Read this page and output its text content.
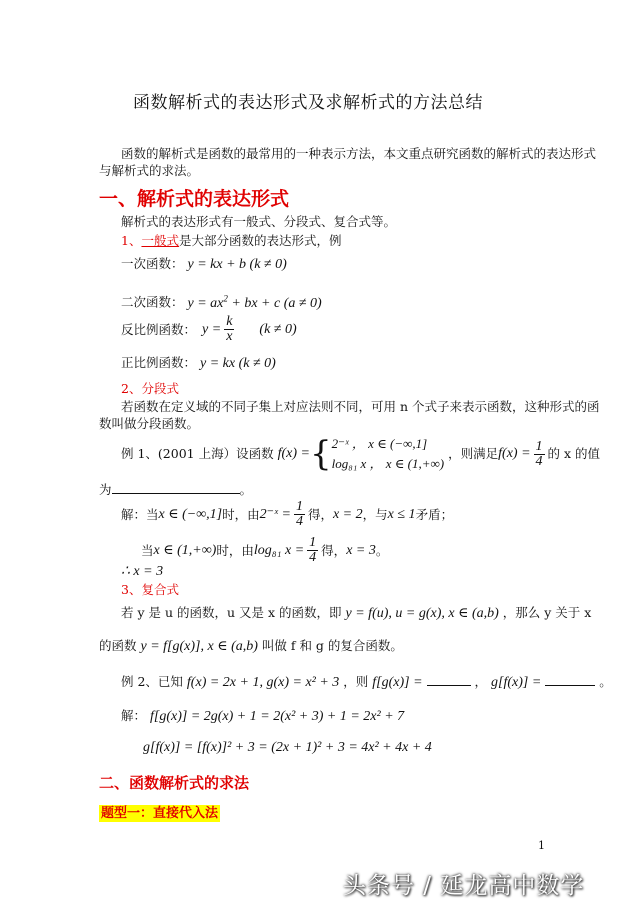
函数解析式的表达形式及求解析式的方法总结
函数的解析式是函数的最常用的一种表示方法，本文重点研究函数的解析式的表达形式
与解析式的求法。
一、解析式的表达形式
解析式的表达形式有一般式、分段式、复合式等。
1、一般式是大部分函数的表达形式，例
一次函数： y = kx + b (k ≠ 0)
二次函数： $y = ax^2$ + bx + c (a ≠ 0)
反比例函数： $y = \frac{k}{x} (k \ne 0)$
正比例函数： y = kx (k ≠ 0)
2、分段式
若函数在定义域的不同子集上对应法则不同，可用 n 个式子来表示函数，这种形式的函
数叫做分段函数。
例 1、(2001 上海）设函数 f(x) = { 2⁻ˣ ， x ∈ (−∞,1]
log₈₁ x ， x ∈ (1,+∞)
，则满足 $f(x) = \frac{1}{4}$ 的 x 的值
为	。
解：当 x ∈ (−∞,1] 时，由 2⁻ˣ = $\frac{1}{4}$ 得， x = 2 ，与 x ≤ 1 矛盾；
当 x ∈ (1,+∞) 时，由 log₈₁ $x = \frac{1}{4}$ 得， x = 3 。
∴ x = 3
3、复合式
若 y 是 u 的函数，u 又是 x 的函数，即 y = f(u), u = g(x), x ∈ (a,b) ，那么 y 关于 x
的函数 y = f[g(x)], x ∈ (a,b) 叫做 f 和 g 的复合函数。
例 2、已知 f(x) = 2x + 1, g(x) = x² + 3 ，则 f[g(x)] =	， g[f(x)] =	。
解： f[g(x)] = 2g(x) + 1 = 2(x² + 3) + 1 = 2x² + 7
g[f(x)] = [f(x)]² + 3 = (2x + 1)² + 3 = 4x² + 4x + 4
二、函数解析式的求法
题型一：直接代入法
1
头条号 / 延龙高中数学
